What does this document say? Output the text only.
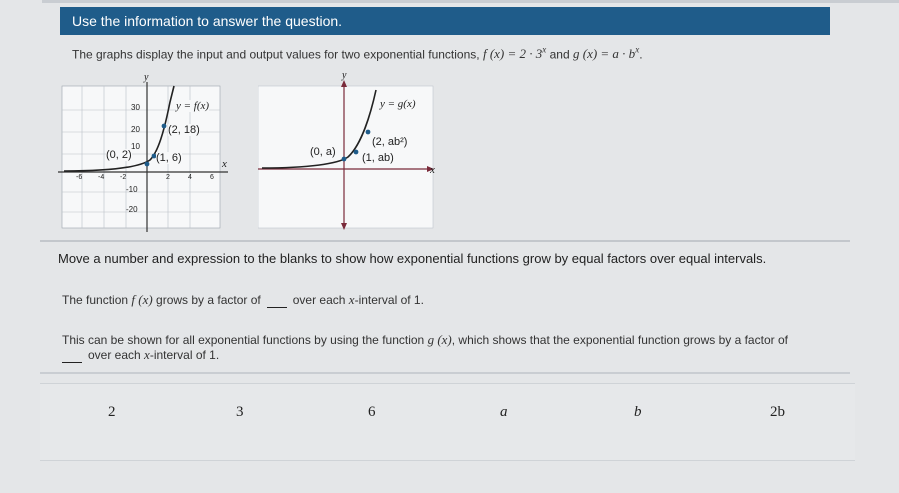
Use the information to answer the question.
The graphs display the input and output values for two exponential functions, f $(x) = 2 \cdot 3^x$ and g $(x) = a \cdot b^x$.
y
x
y = f(x)
(0, 2) (1, 6)
(2, 18)
30
20
10
-10
-20
-6 -4 -2	2	4	6
y
x
y = g(x)
(0, a) (1, ab)
(2, ab²)
Move a number and expression to the blanks to show how exponential functions grow by equal factors over equal intervals.
The function f (x) grows by a factor of	over each x-interval of 1.
This can be shown for all exponential functions by using the function g (x), which shows that the exponential function grows by a factor of
over each x-interval of 1.
2	3	6	a	b	2b
